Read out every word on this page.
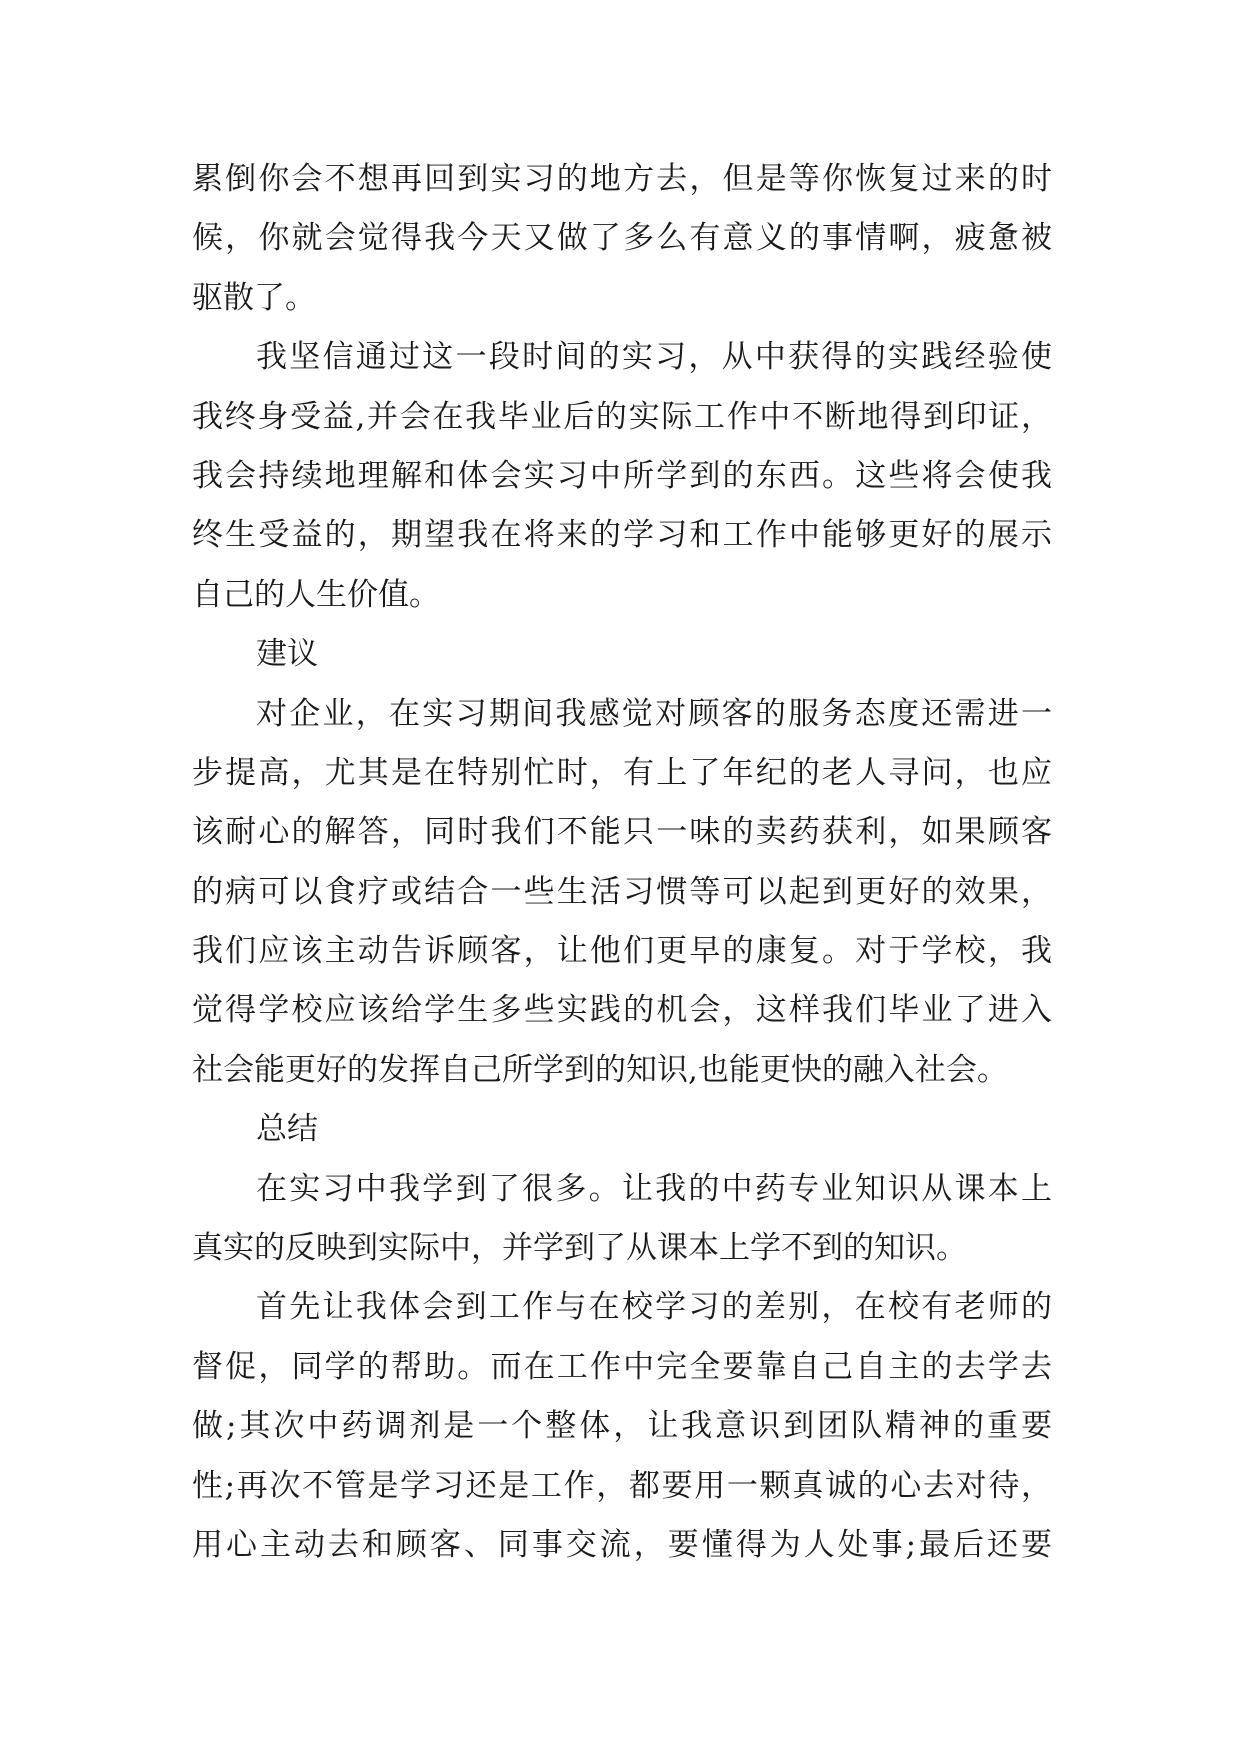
累倒你会不想再回到实习的地方去，但是等你恢复过来的时
候，你就会觉得我今天又做了多么有意义的事情啊，疲惫被
驱散了。
我坚信通过这一段时间的实习，从中获得的实践经验使
我终身受益,并会在我毕业后的实际工作中不断地得到印证，
我会持续地理解和体会实习中所学到的东西。这些将会使我
终生受益的，期望我在将来的学习和工作中能够更好的展示
自己的人生价值。
建议
对企业，在实习期间我感觉对顾客的服务态度还需进一
步提高，尤其是在特别忙时，有上了年纪的老人寻问，也应
该耐心的解答，同时我们不能只一味的卖药获利，如果顾客
的病可以食疗或结合一些生活习惯等可以起到更好的效果，
我们应该主动告诉顾客，让他们更早的康复。对于学校，我
觉得学校应该给学生多些实践的机会，这样我们毕业了进入
社会能更好的发挥自己所学到的知识,也能更快的融入社会。
总结
在实习中我学到了很多。让我的中药专业知识从课本上
真实的反映到实际中，并学到了从课本上学不到的知识。
首先让我体会到工作与在校学习的差别，在校有老师的
督促，同学的帮助。而在工作中完全要靠自己自主的去学去
做;其次中药调剂是一个整体，让我意识到团队精神的重要
性;再次不管是学习还是工作，都要用一颗真诚的心去对待，
用心主动去和顾客、同事交流，要懂得为人处事;最后还要
